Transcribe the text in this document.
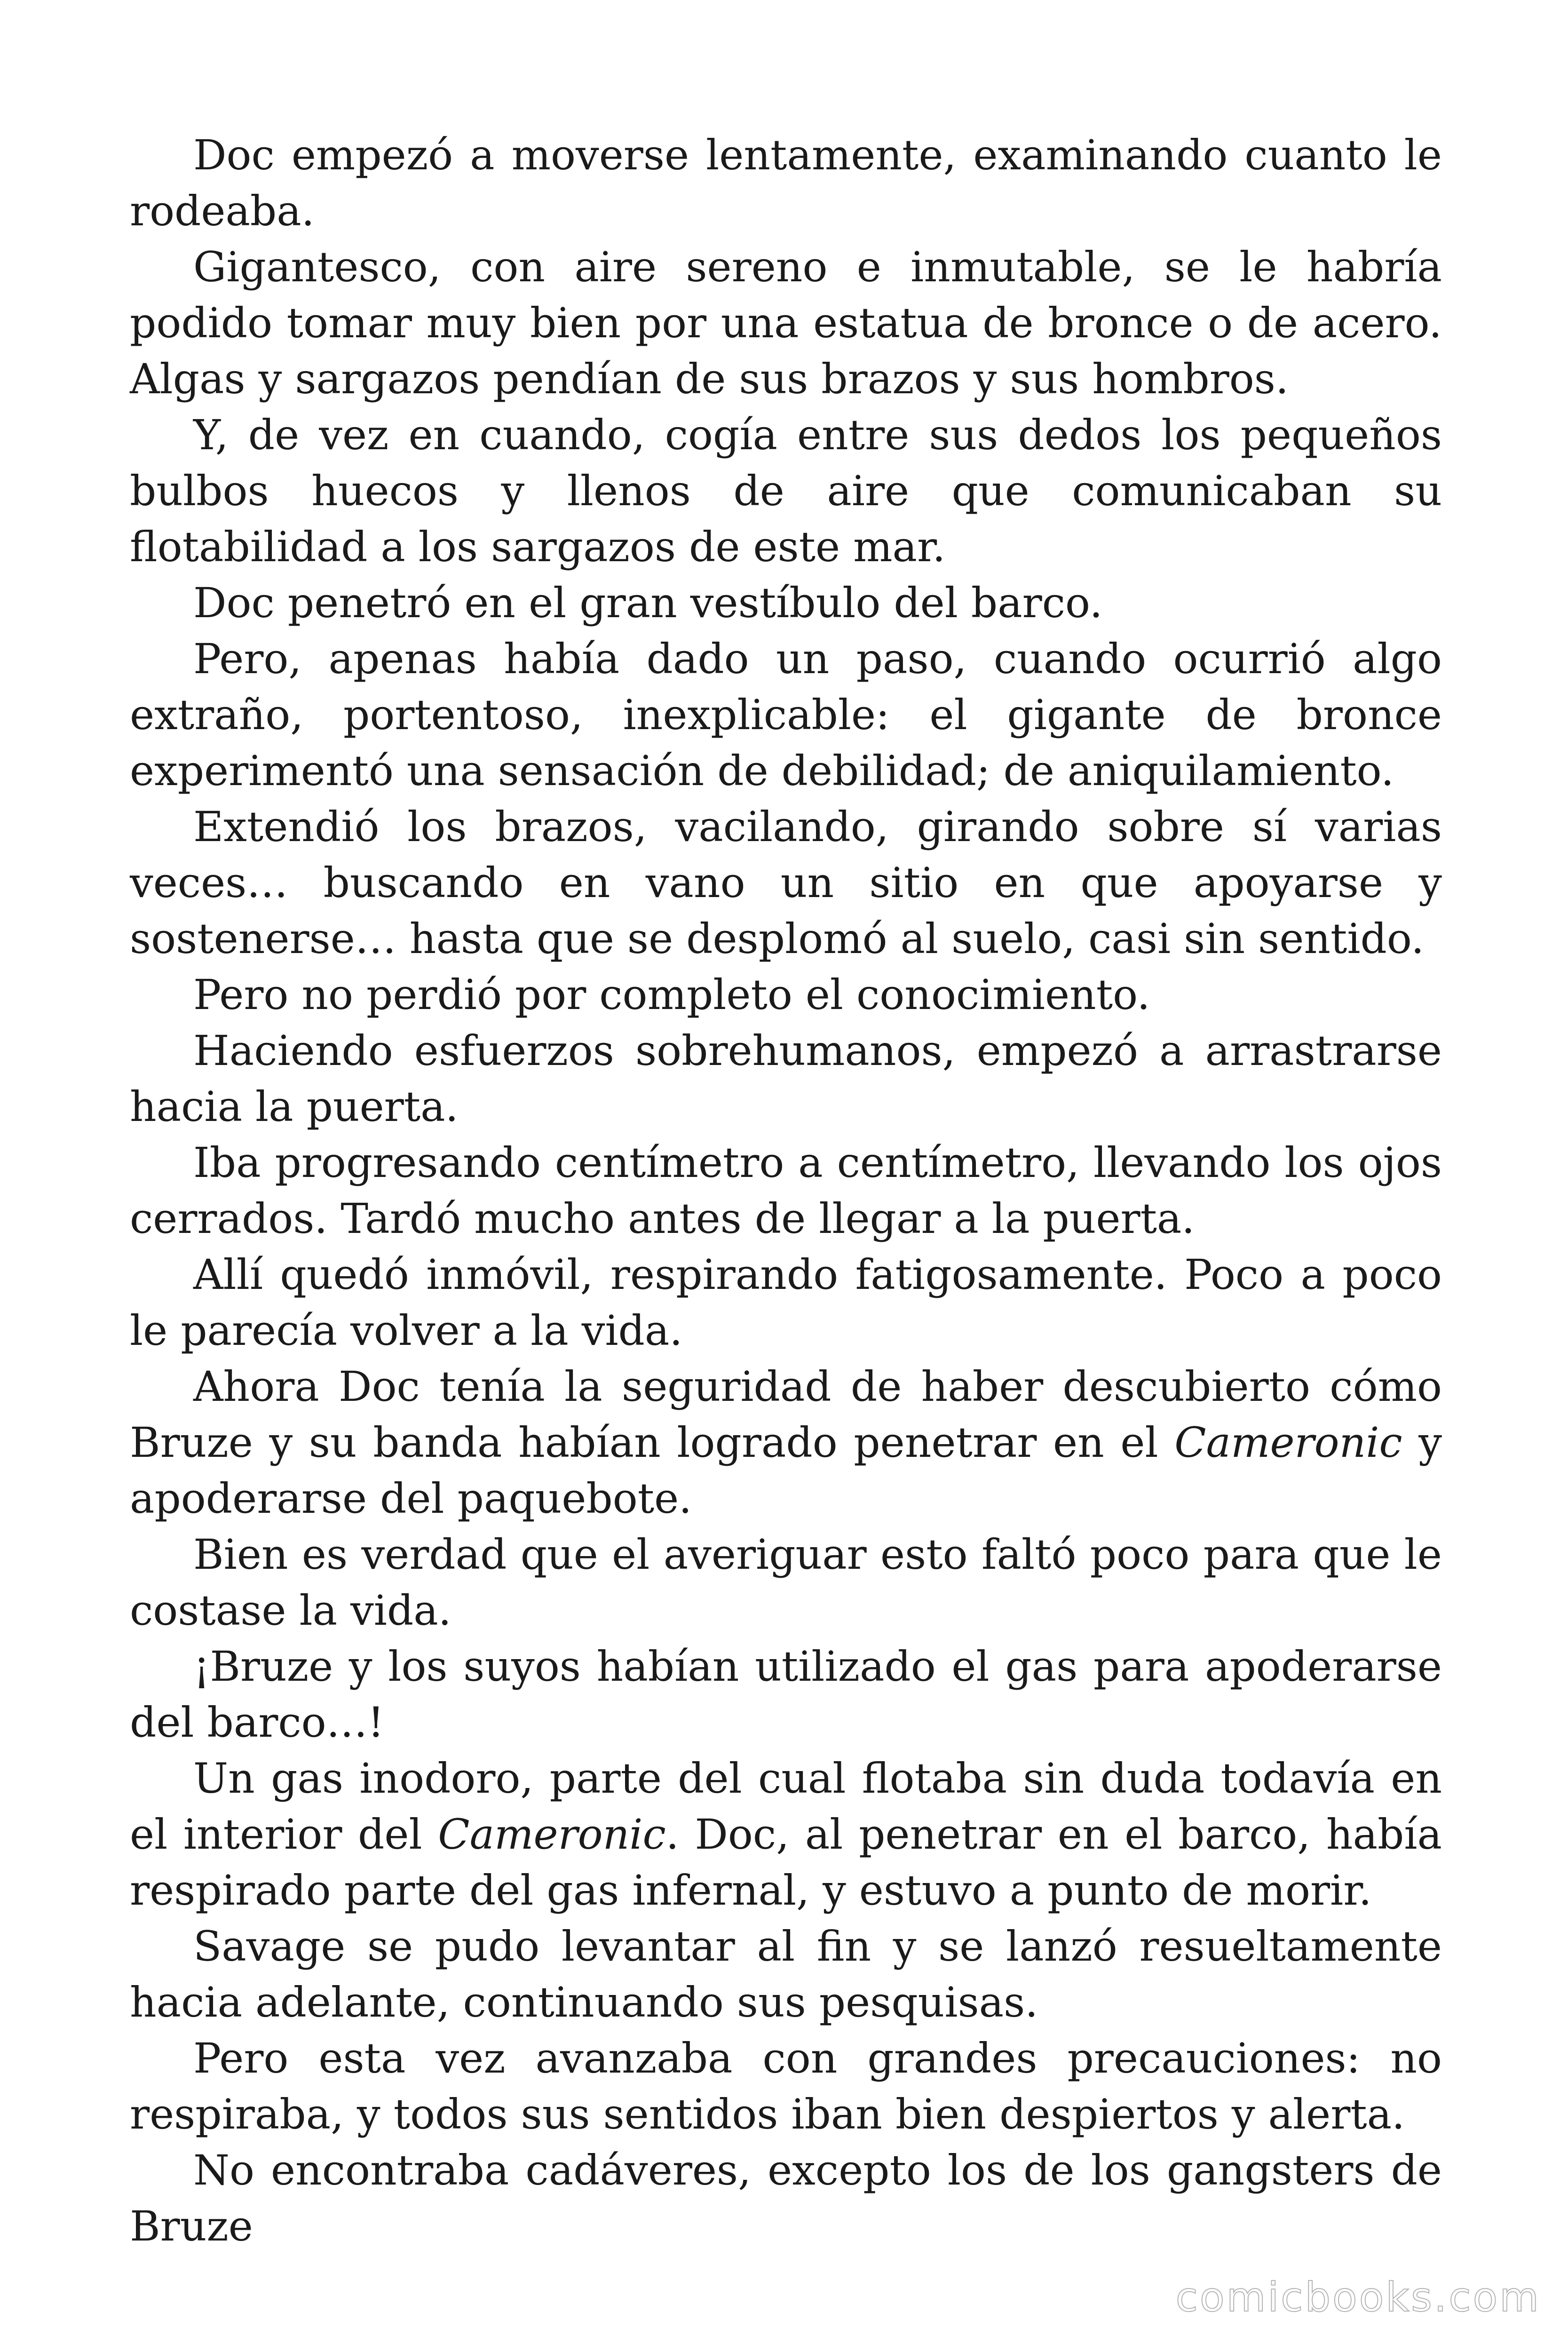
Doc empezó a moverse lentamente, examinando cuanto le rodeaba.

Gigantesco, con aire sereno e inmutable, se le habría podido tomar muy bien por una estatua de bronce o de acero. Algas y sargazos pendían de sus brazos y sus hombros.

Y, de vez en cuando, cogía entre sus dedos los pequeños bulbos huecos y llenos de aire que comunicaban su flotabilidad a los sargazos de este mar.

Doc penetró en el gran vestíbulo del barco.

Pero, apenas había dado un paso, cuando ocurrió algo extraño, portentoso, inexplicable: el gigante de bronce experimentó una sensación de debilidad; de aniquilamiento.

Extendió los brazos, vacilando, girando sobre sí varias veces… buscando en vano un sitio en que apoyarse y sostenerse… hasta que se desplomó al suelo, casi sin sentido.

Pero no perdió por completo el conocimiento.

Haciendo esfuerzos sobrehumanos, empezó a arrastrarse hacia la puerta.

Iba progresando centímetro a centímetro, llevando los ojos cerrados. Tardó mucho antes de llegar a la puerta.

Allí quedó inmóvil, respirando fatigosamente. Poco a poco le parecía volver a la vida.

Ahora Doc tenía la seguridad de haber descubierto cómo Bruze y su banda habían logrado penetrar en el Cameronic y apoderarse del paquebote.

Bien es verdad que el averiguar esto faltó poco para que le costase la vida.

¡Bruze y los suyos habían utilizado el gas para apoderarse del barco…!

Un gas inodoro, parte del cual flotaba sin duda todavía en el interior del Cameronic. Doc, al penetrar en el barco, había respirado parte del gas infernal, y estuvo a punto de morir.

Savage se pudo levantar al fin y se lanzó resueltamente hacia adelante, continuando sus pesquisas.

Pero esta vez avanzaba con grandes precauciones: no respiraba, y todos sus sentidos iban bien despiertos y alerta.

No encontraba cadáveres, excepto los de los gangsters de Bruze

comicbooks.com
